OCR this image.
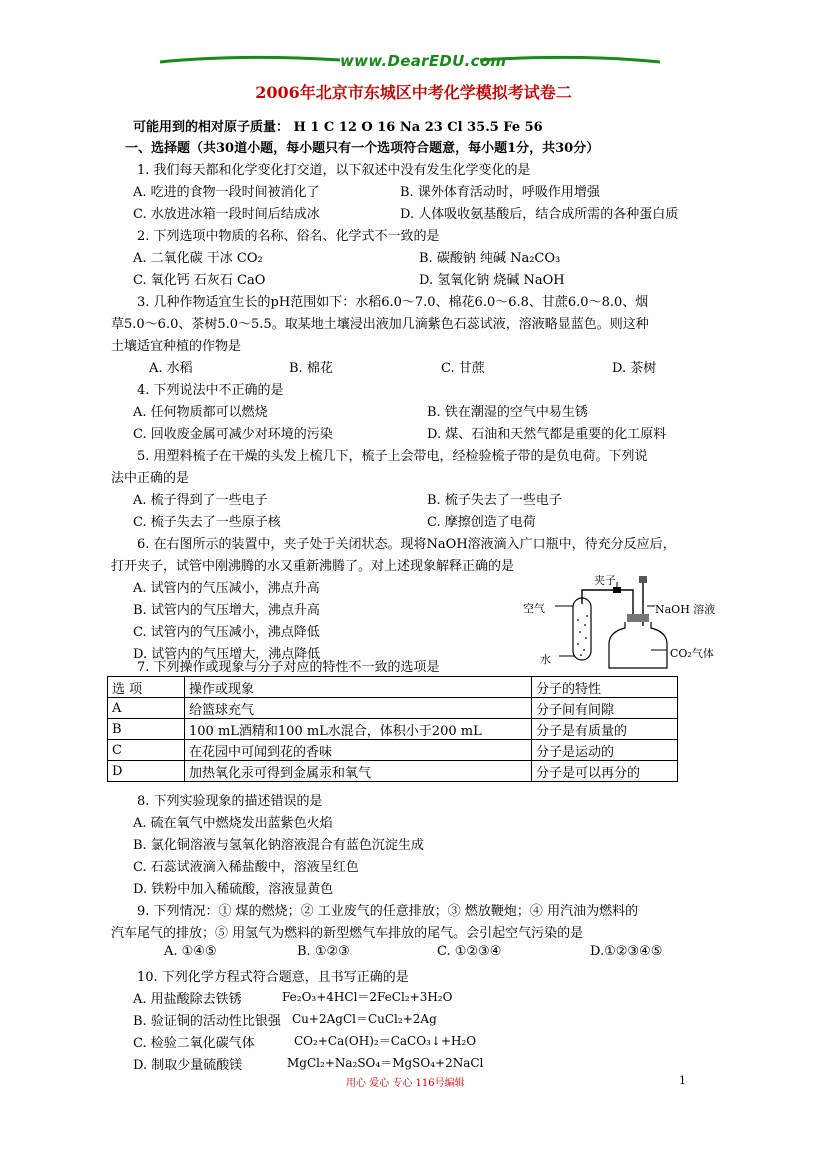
www.DearEDU.com
2006年北京市东城区中考化学模拟考试卷二
可能用到的相对原子质量： H 1 C 12 O 16 Na 23 Cl 35.5 Fe 56
一、选择题（共30道小题，每小题只有一个选项符合题意，每小题1分，共30分）
1. 我们每天都和化学变化打交道，以下叙述中没有发生化学变化的是
A. 吃进的食物一段时间被消化了	B. 课外体育活动时，呼吸作用增强
C. 水放进冰箱一段时间后结成冰	D. 人体吸收氨基酸后，结合成所需的各种蛋白质
2. 下列选项中物质的名称、俗名、化学式不一致的是
A. 二氧化碳 干冰 CO₂	B. 碳酸钠 纯碱 Na₂CO₃
C. 氧化钙 石灰石 CaO	D. 氢氧化钠 烧碱 NaOH
3. 几种作物适宜生长的pH范围如下：水稻6.0～7.0、棉花6.0～6.8、甘蔗6.0～8.0、烟
草5.0～6.0、茶树5.0～5.5。取某地土壤浸出液加几滴紫色石蕊试液，溶液略显蓝色。则这种
土壤适宜种植的作物是
A. 水稻	B. 棉花	C. 甘蔗	D. 茶树
4. 下列说法中不正确的是
A. 任何物质都可以燃烧	B. 铁在潮湿的空气中易生锈
C. 回收废金属可减少对环境的污染	D. 煤、石油和天然气都是重要的化工原料
5. 用塑料梳子在干燥的头发上梳几下，梳子上会带电，经检验梳子带的是负电荷。下列说
法中正确的是
A. 梳子得到了一些电子	B. 梳子失去了一些电子
C. 梳子失去了一些原子核	C. 摩擦创造了电荷
6. 在右图所示的装置中，夹子处于关闭状态。现将NaOH溶液滴入广口瓶中，待充分反应后，
打开夹子，试管中刚沸腾的水又重新沸腾了。对上述现象解释正确的是
A. 试管内的气压减小，沸点升高
B. 试管内的气压增大，沸点升高
C. 试管内的气压减小，沸点降低
D. 试管内的气压增大，沸点降低
夹子
空气	NaOH 溶液
水	CO₂气体
7. 下列操作或现象与分子对应的特性不一致的选项是
选 项	操作或现象	分子的特性
A	给篮球充气	分子间有间隙
B	100 mL酒精和100 mL水混合，体积小于200 mL	分子是有质量的
C	在花园中可闻到花的香味	分子是运动的
D	加热氧化汞可得到金属汞和氧气	分子是可以再分的
8. 下列实验现象的描述错误的是
A. 硫在氧气中燃烧发出蓝紫色火焰
B. 氯化铜溶液与氢氧化钠溶液混合有蓝色沉淀生成
C. 石蕊试液滴入稀盐酸中，溶液呈红色
D. 铁粉中加入稀硫酸，溶液显黄色
9. 下列情况：① 煤的燃烧；② 工业废气的任意排放；③ 燃放鞭炮；④ 用汽油为燃料的
汽车尾气的排放；⑤ 用氢气为燃料的新型燃气车排放的尾气。会引起空气污染的是
A. ①④⑤	B. ①②③	C. ①②③④	D.①②③④⑤
10. 下列化学方程式符合题意，且书写正确的是
A. 用盐酸除去铁锈	Fe₂O₃+4HCl＝2FeCl₂+3H₂O
B. 验证铜的活动性比银强 Cu+2AgCl＝CuCl₂+2Ag
C. 检验二氧化碳气体	CO₂+Ca(OH)₂＝CaCO₃↓+H₂O
D. 制取少量硫酸镁	MgCl₂+Na₂SO₄＝MgSO₄+2NaCl
用心 爱心 专心 116号编辑	1
